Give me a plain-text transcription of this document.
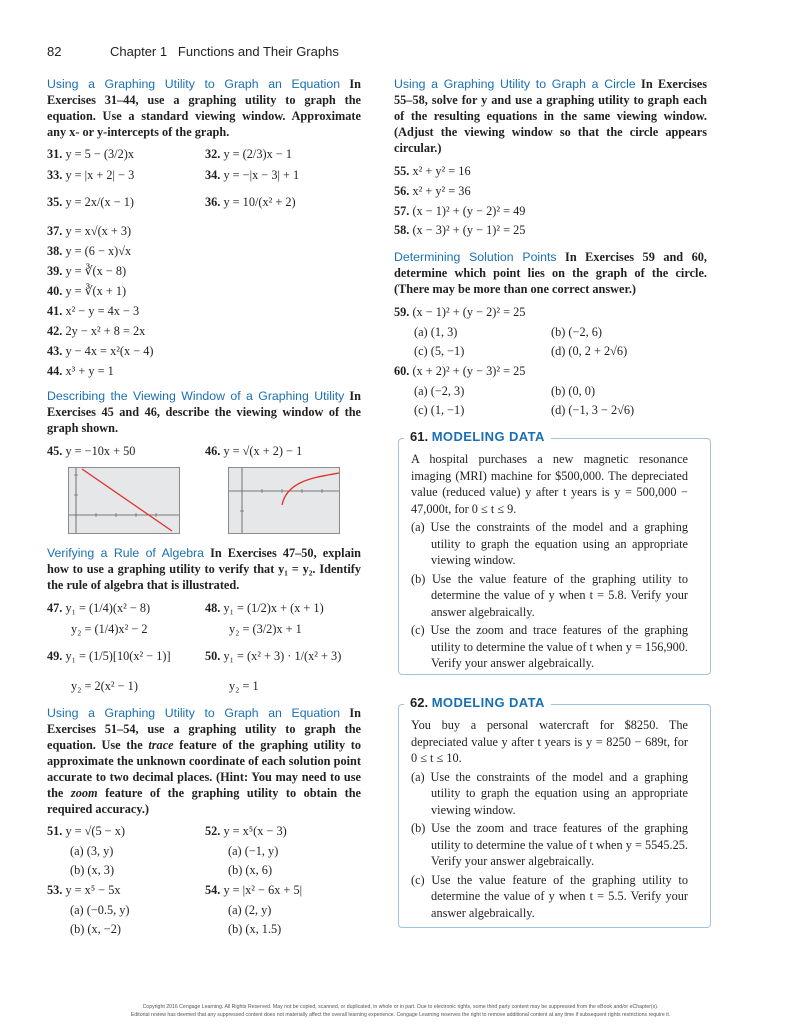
82	Chapter 1   Functions and Their Graphs

Using a Graphing Utility to Graph an Equation In Exercises 31–44, use a graphing utility to graph the equation. Use a standard viewing window. Approximate any x- or y-intercepts of the graph.

31. y = 5 − (3/2)x	32. y = (2/3)x − 1
33. y = |x + 2| − 3	34. y = −|x − 3| + 1
35. y = 2x/(x − 1)	36. y = 10/(x² + 2)
37. y = x√(x + 3)
38. y = (6 − x)√x
39. y = ∛(x − 8)
40. y = ∛(x + 1)
41. x² − y = 4x − 3
42. 2y − x² + 8 = 2x
43. y − 4x = x²(x − 4)
44. x³ + y = 1

Describing the Viewing Window of a Graphing Utility In Exercises 45 and 46, describe the viewing window of the graph shown.

45. y = −10x + 50	46. y = √(x + 2) − 1

Verifying a Rule of Algebra In Exercises 47–50, explain how to use a graphing utility to verify that y₁ = y₂. Identify the rule of algebra that is illustrated.

47. y₁ = (1/4)(x² − 8)
y₂ = (1/4)x² − 2
48. y₁ = (1/2)x + (x + 1)
y₂ = (3/2)x + 1
49. y₁ = (1/5)[10(x² − 1)]
y₂ = 2(x² − 1)
50. y₁ = (x² + 3) · 1/(x² + 3)
y₂ = 1

Using a Graphing Utility to Graph an Equation In Exercises 51–54, use a graphing utility to graph the equation. Use the trace feature of the graphing utility to approximate the unknown coordinate of each solution point accurate to two decimal places. (Hint: You may need to use the zoom feature of the graphing utility to obtain the required accuracy.)

51. y = √(5 − x)
(a) (3, y)
(b) (x, 3)
52. y = x⁵(x − 3)
(a) (−1, y)
(b) (x, 6)
53. y = x⁵ − 5x
(a) (−0.5, y)
(b) (x, −2)
54. y = |x² − 6x + 5|
(a) (2, y)
(b) (x, 1.5)

Using a Graphing Utility to Graph a Circle In Exercises 55–58, solve for y and use a graphing utility to graph each of the resulting equations in the same viewing window. (Adjust the viewing window so that the circle appears circular.)

55. x² + y² = 16
56. x² + y² = 36
57. (x − 1)² + (y − 2)² = 49
58. (x − 3)² + (y − 1)² = 25

Determining Solution Points In Exercises 59 and 60, determine which point lies on the graph of the circle. (There may be more than one correct answer.)

59. (x − 1)² + (y − 2)² = 25
(a) (1, 3)	(b) (−2, 6)
(c) (5, −1)	(d) (0, 2 + 2√6)
60. (x + 2)² + (y − 3)² = 25
(a) (−2, 3)	(b) (0, 0)
(c) (1, −1)	(d) (−1, 3 − 2√6)
61. MODELING DATA
A hospital purchases a new magnetic resonance imaging (MRI) machine for $500,000. The depreciated value (reduced value) y after t years is y = 500,000 − 47,000t, for 0 ≤ t ≤ 9.
(a) Use the constraints of the model and a graphing utility to graph the equation using an appropriate viewing window.
(b) Use the value feature of the graphing utility to determine the value of y when t = 5.8. Verify your answer algebraically.
(c) Use the zoom and trace features of the graphing utility to determine the value of t when y = 156,900. Verify your answer algebraically.
62. MODELING DATA
You buy a personal watercraft for $8250. The depreciated value y after t years is y = 8250 − 689t, for 0 ≤ t ≤ 10.
(a) Use the constraints of the model and a graphing utility to graph the equation using an appropriate viewing window.
(b) Use the zoom and trace features of the graphing utility to determine the value of t when y = 5545.25. Verify your answer algebraically.
(c) Use the value feature of the graphing utility to determine the value of y when t = 5.5. Verify your answer algebraically.
Copyright 2016 Cengage Learning. All Rights Reserved. May not be copied, scanned, or duplicated, in whole or in part. Due to electronic rights, some third party content may be suppressed from the eBook and/or eChapter(s).
Editorial review has deemed that any suppressed content does not materially affect the overall learning experience. Cengage Learning reserves the right to remove additional content at any time if subsequent rights restrictions require it.
